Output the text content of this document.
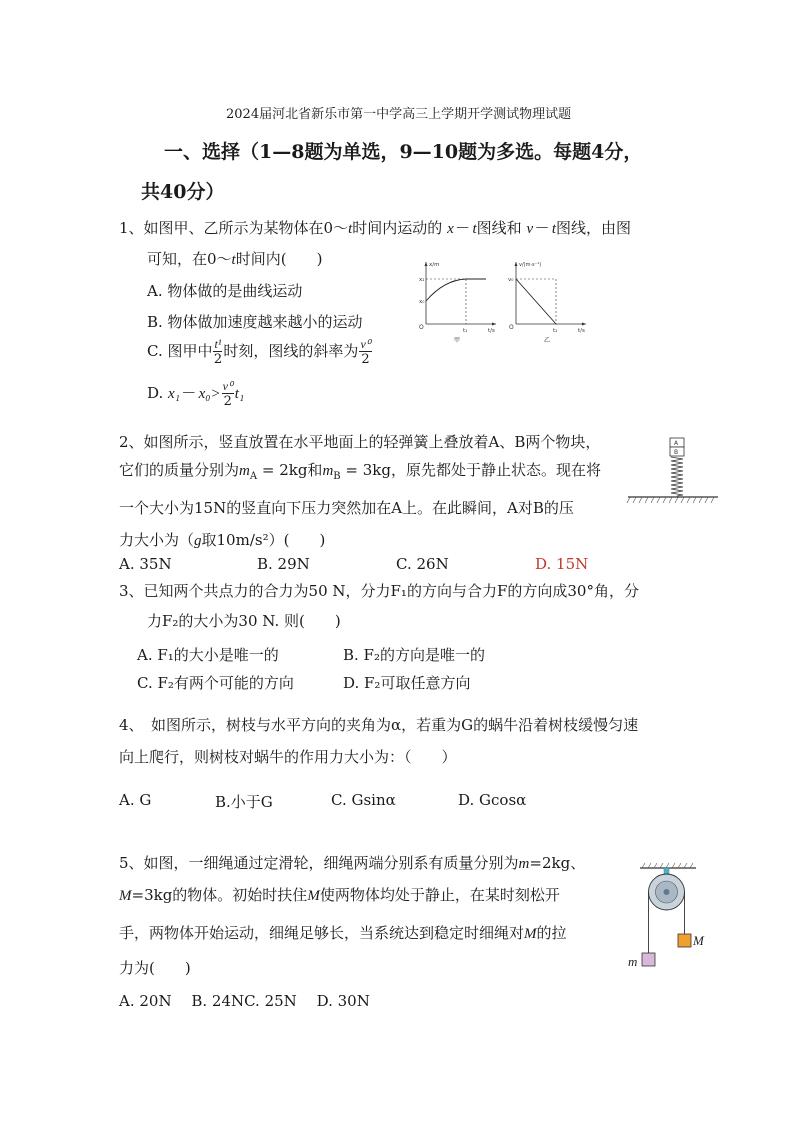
2024届河北省新乐市第一中学高三上学期开学测试物理试题
一、选择（1—8题为单选，9—10题为多选。每题4分，
共40分）
1、如图甲、乙所示为某物体在0～t时间内运动的 x－ t图线和 v－ t图线，由图
可知，在0～t时间内(　　)
A. 物体做的是曲线运动
B. 物体做加速度越来越小的运动
C. 图甲中 $\frac{\text{t¹}}{2}$ 时刻，图线的斜率为 $\frac{\text{v⁰}}{2}$
D. $x_1- x_0> \frac{\text{v⁰}}{2} t_1$
x/m
x₁
x₀
O	t₁	t/s
甲
v/(m·s⁻¹)
v₀
O	t₁	t/s
乙
2、如图所示，竖直放置在水平地面上的轻弹簧上叠放着A、B两个物块，
它们的质量分别为$m_A = 2kg$和$m_B = 3kg$，原先都处于静止状态。现在将
一个大小为15N的竖直向下压力突然加在A上。在此瞬间，A对B的压
力大小为（g取10m/s²）(　　)
A. 35N	B. 29N	C. 26N	D. 15N
A
B
3、已知两个共点力的合力为50 N，分力F₁的方向与合力F的方向成30°角，分
力F₂的大小为30 N. 则(　　)
A. F₁的大小是唯一的	B. F₂的方向是唯一的
C. F₂有两个可能的方向	D. F₂可取任意方向
4、　如图所示，树枝与水平方向的夹角为α，若重为G的蜗牛沿着树枝缓慢匀速
向上爬行，则树枝对蜗牛的作用力大小为：（　　）
A. G	B.小于G	C. Gsinα	D. Gcosα
5、如图，一细绳通过定滑轮，细绳两端分别系有质量分别为m=2kg、
M=3kg的物体。初始时扶住M使两物体均处于静止，在某时刻松开
手，两物体开始运动，细绳足够长，当系统达到稳定时细绳对M的拉
力为(　　)
A. 20N　 B. 24NC. 25N　 D. 30N
M
m
